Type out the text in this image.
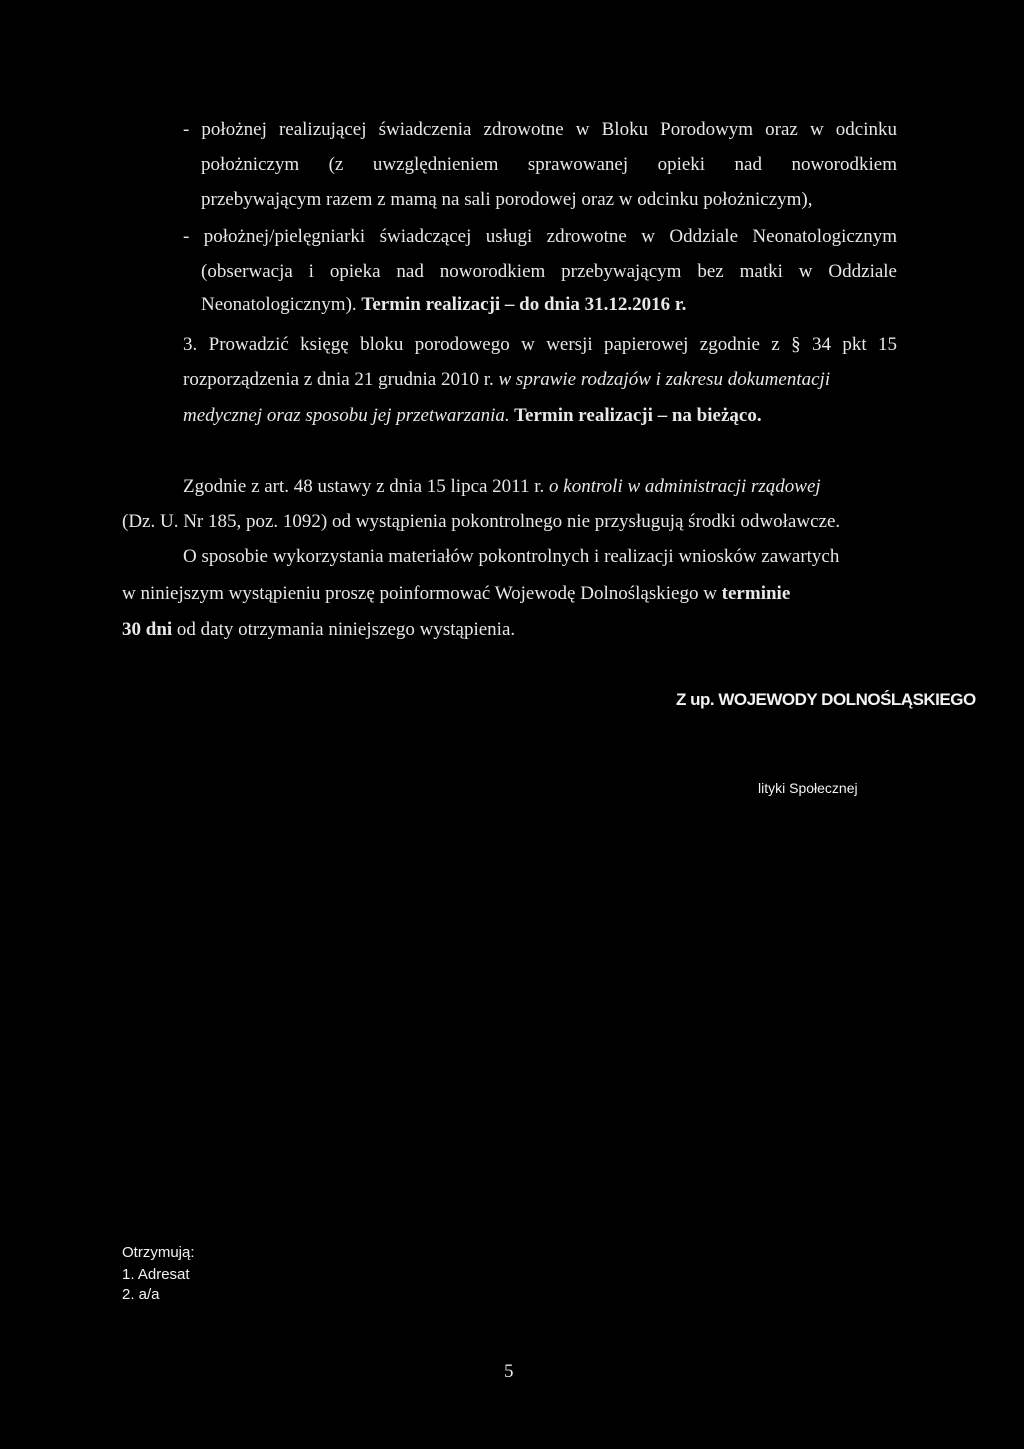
- położnej realizującej świadczenia zdrowotne w Bloku Porodowym oraz w odcinku
położniczym (z uwzględnieniem sprawowanej opieki nad noworodkiem
przebywającym razem z mamą na sali porodowej oraz w odcinku położniczym),
- położnej/pielęgniarki świadczącej usługi zdrowotne w Oddziale Neonatologicznym
(obserwacja i opieka nad noworodkiem przebywającym bez matki w Oddziale
Neonatologicznym). Termin realizacji – do dnia 31.12.2016 r.
3. Prowadzić księgę bloku porodowego w wersji papierowej zgodnie z § 34 pkt 15
rozporządzenia z dnia 21 grudnia 2010 r. w sprawie rodzajów i zakresu dokumentacji
medycznej oraz sposobu jej przetwarzania. Termin realizacji – na bieżąco.
Zgodnie z art. 48 ustawy z dnia 15 lipca 2011 r. o kontroli w administracji rządowej
(Dz. U. Nr 185, poz. 1092) od wystąpienia pokontrolnego nie przysługują środki odwoławcze.
O sposobie wykorzystania materiałów pokontrolnych i realizacji wniosków zawartych
w niniejszym wystąpieniu proszę poinformować Wojewodę Dolnośląskiego w terminie
30 dni od daty otrzymania niniejszego wystąpienia.
Z up. WOJEWODY DOLNOŚLĄSKIEGO
lityki Społecznej
Otrzymują:
1. Adresat
2. a/a
5
